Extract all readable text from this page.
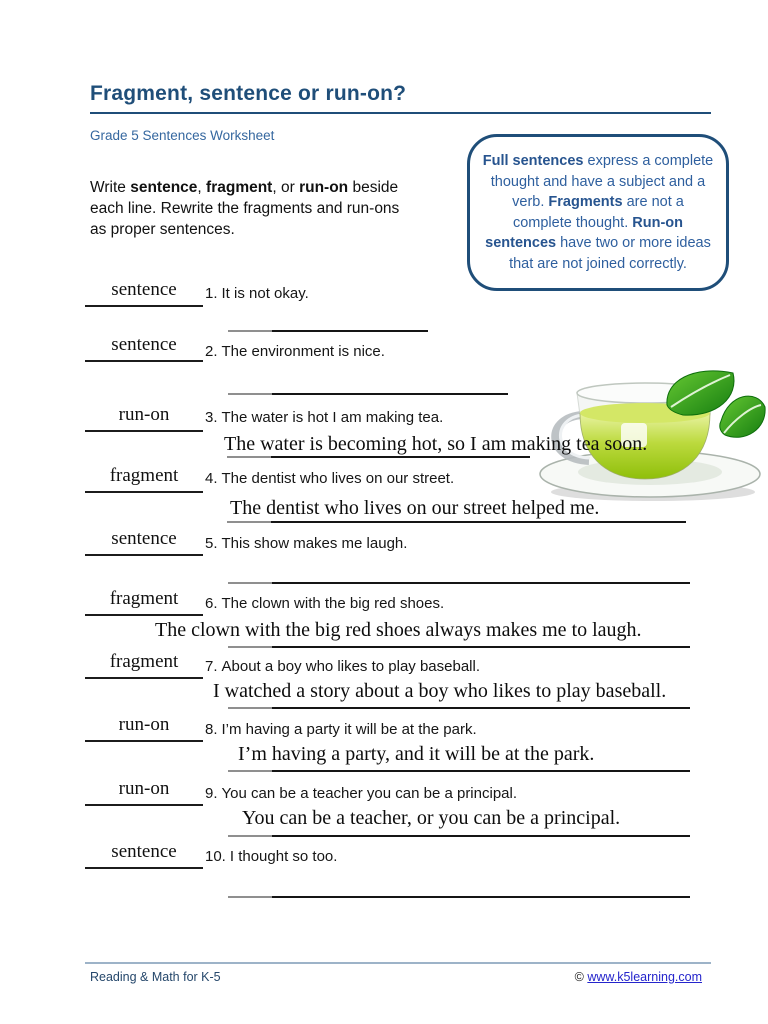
Fragment, sentence or run-on?
Grade 5 Sentences Worksheet

Write sentence, fragment, or run-on beside each line. Rewrite the fragments and run-ons as proper sentences.

Full sentences express a complete thought and have a subject and a verb. Fragments are not a complete thought. Run-on sentences have two or more ideas that are not joined correctly.
sentence	1. It is not okay.
sentence	2. The environment is nice.
run-on	3. The water is hot I am making tea.
The water is becoming hot, so I am making tea soon.
fragment	4. The dentist who lives on our street.
The dentist who lives on our street helped me.
sentence	5. This show makes me laugh.
fragment	6. The clown with the big red shoes.
The clown with the big red shoes always makes me to laugh.
fragment	7. About a boy who likes to play baseball.
I watched a story about a boy who likes to play baseball.
run-on	8. I’m having a party it will be at the park.
I’m having a party, and it will be at the park.
run-on	9. You can be a teacher you can be a principal.
You can be a teacher, or you can be a principal.
sentence	10. I thought so too.
Reading & Math for K-5	© www.k5learning.com
